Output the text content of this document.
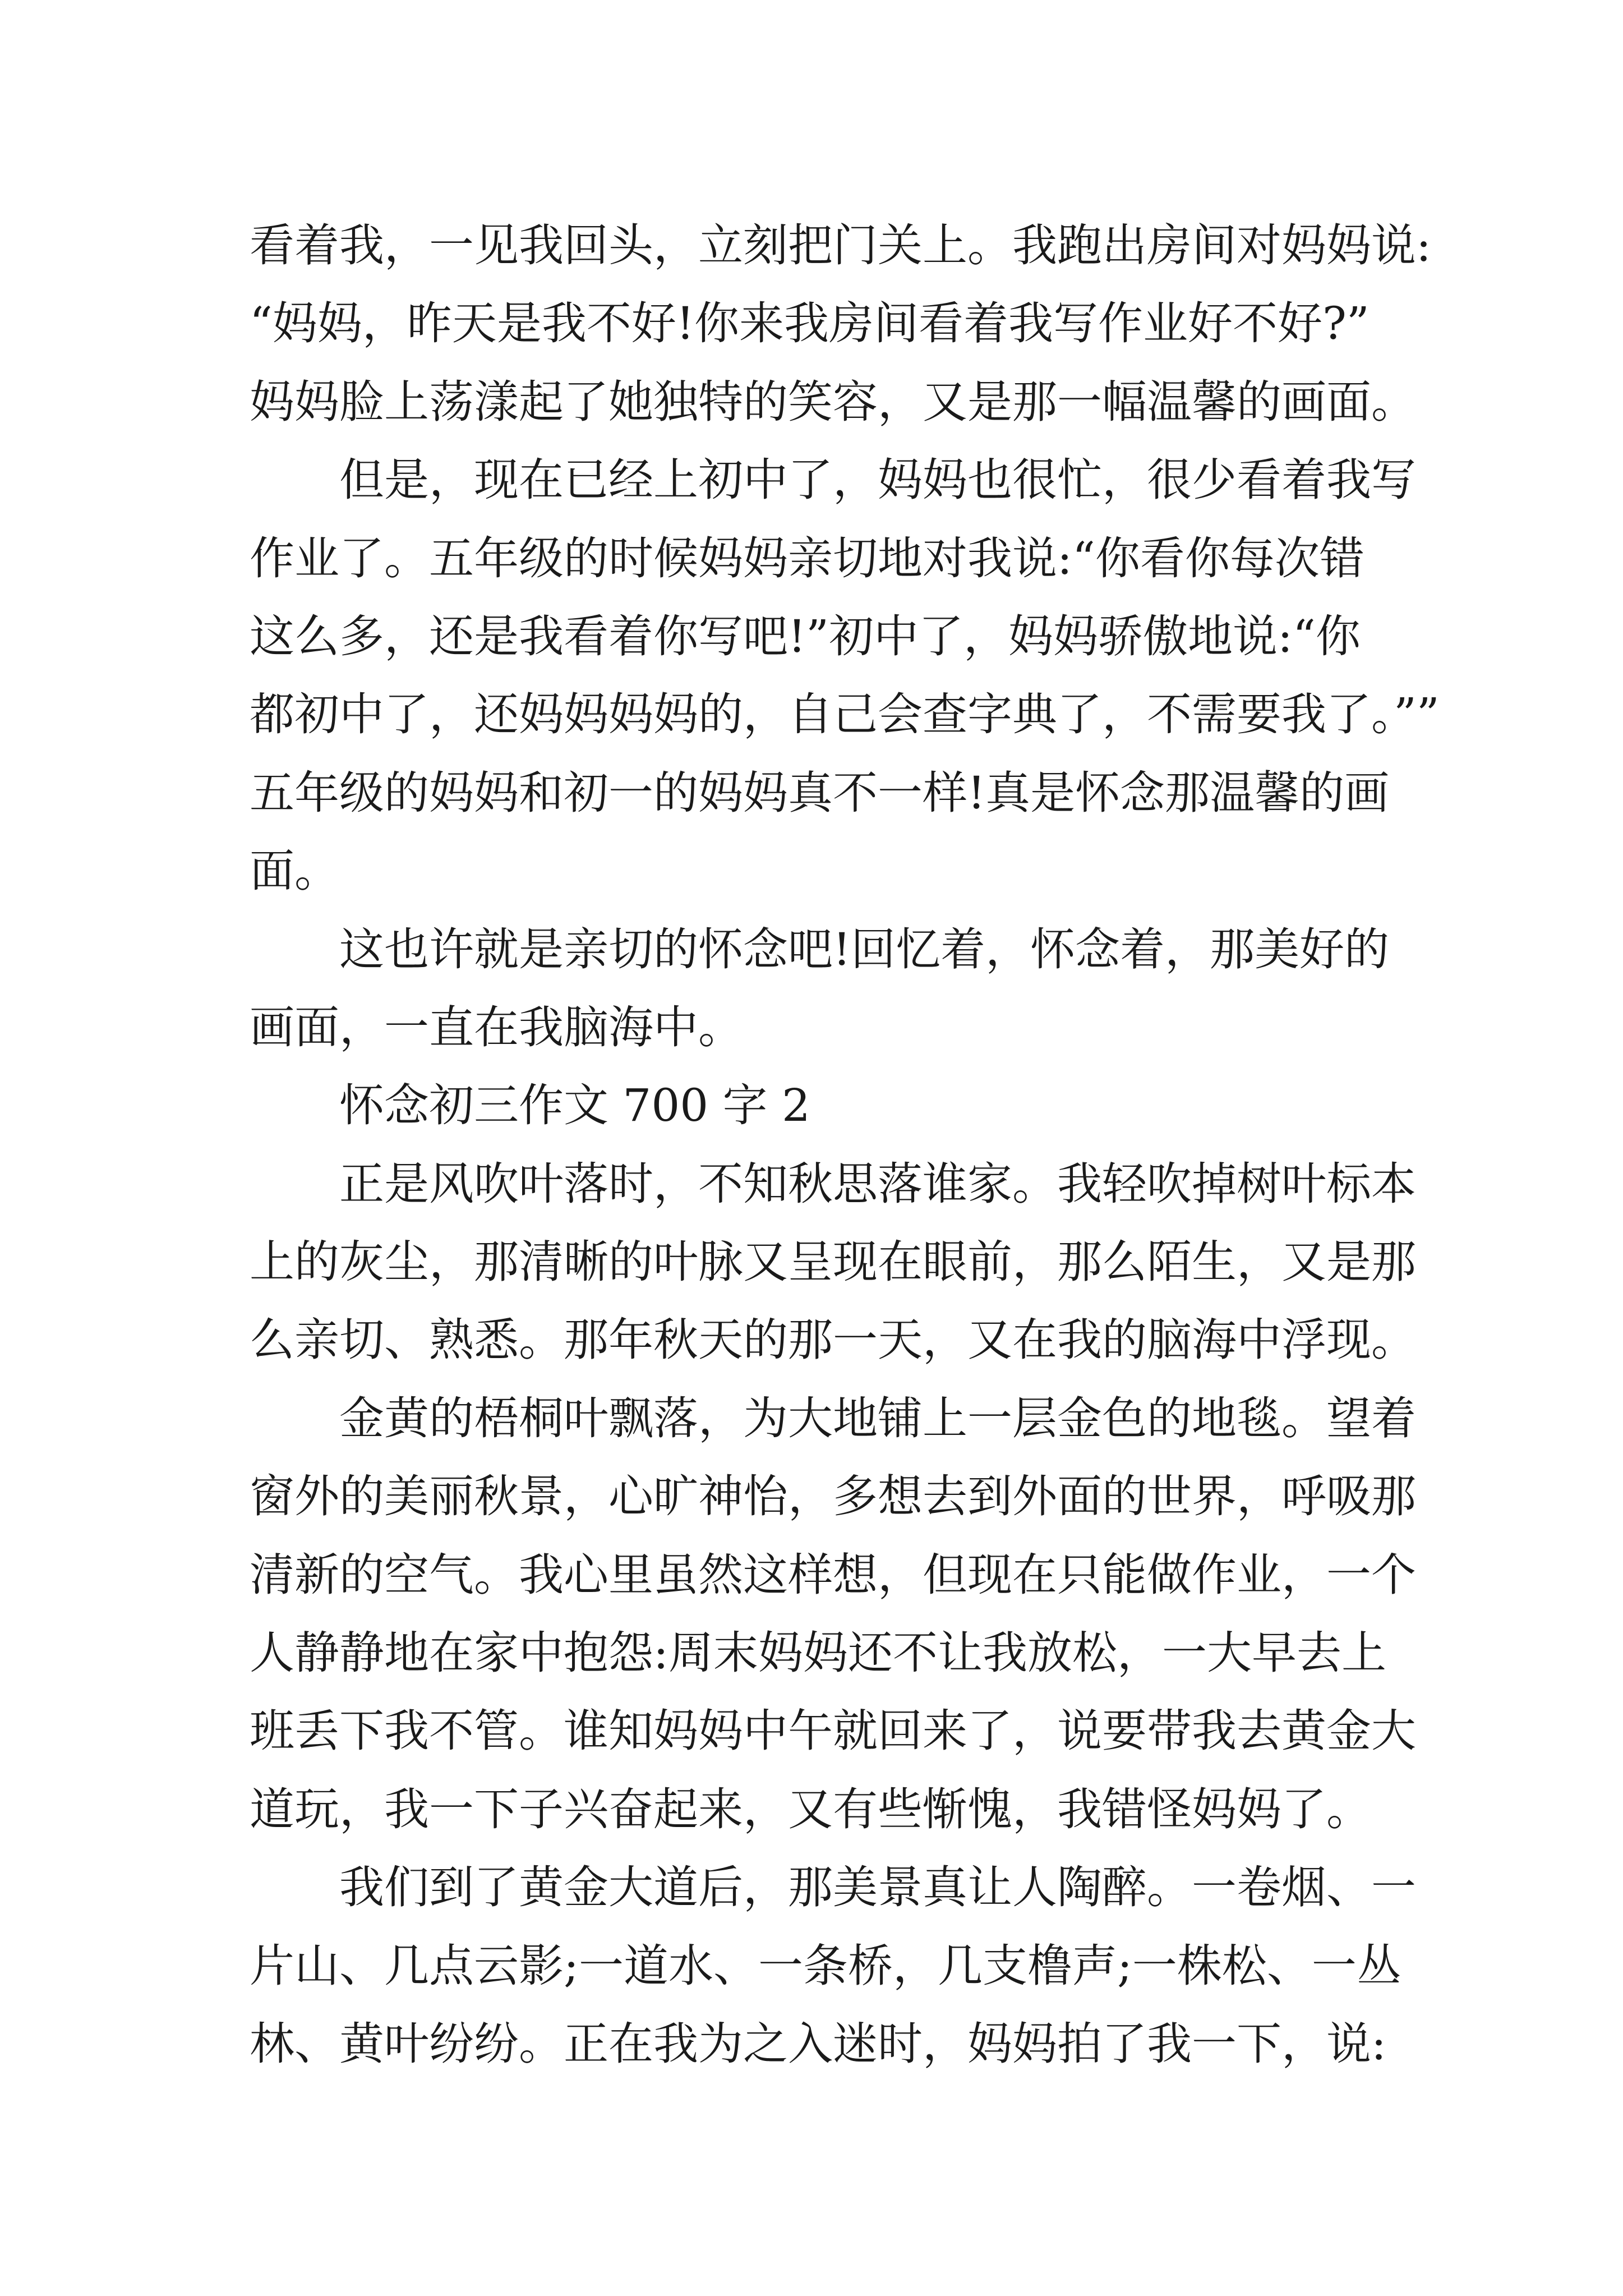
看着我，一见我回头，立刻把门关上。我跑出房间对妈妈说:
“妈妈，昨天是我不好!你来我房间看着我写作业好不好?”
妈妈脸上荡漾起了她独特的笑容，又是那一幅温馨的画面。
但是，现在已经上初中了，妈妈也很忙，很少看着我写
作业了。五年级的时候妈妈亲切地对我说:“你看你每次错
这么多，还是我看着你写吧!”初中了，妈妈骄傲地说:“你
都初中了，还妈妈妈妈的，自己会查字典了，不需要我了。””
五年级的妈妈和初一的妈妈真不一样!真是怀念那温馨的画
面。
这也许就是亲切的怀念吧!回忆着，怀念着，那美好的
画面，一直在我脑海中。
怀念初三作文 700 字 2
正是风吹叶落时，不知秋思落谁家。我轻吹掉树叶标本
上的灰尘，那清晰的叶脉又呈现在眼前，那么陌生，又是那
么亲切、熟悉。那年秋天的那一天，又在我的脑海中浮现。
金黄的梧桐叶飘落，为大地铺上一层金色的地毯。望着
窗外的美丽秋景，心旷神怡，多想去到外面的世界，呼吸那
清新的空气。我心里虽然这样想，但现在只能做作业，一个
人静静地在家中抱怨:周末妈妈还不让我放松，一大早去上
班丢下我不管。谁知妈妈中午就回来了，说要带我去黄金大
道玩，我一下子兴奋起来，又有些惭愧，我错怪妈妈了。
我们到了黄金大道后，那美景真让人陶醉。一卷烟、一
片山、几点云影;一道水、一条桥，几支橹声;一株松、一丛
林、黄叶纷纷。正在我为之入迷时，妈妈拍了我一下，说:
